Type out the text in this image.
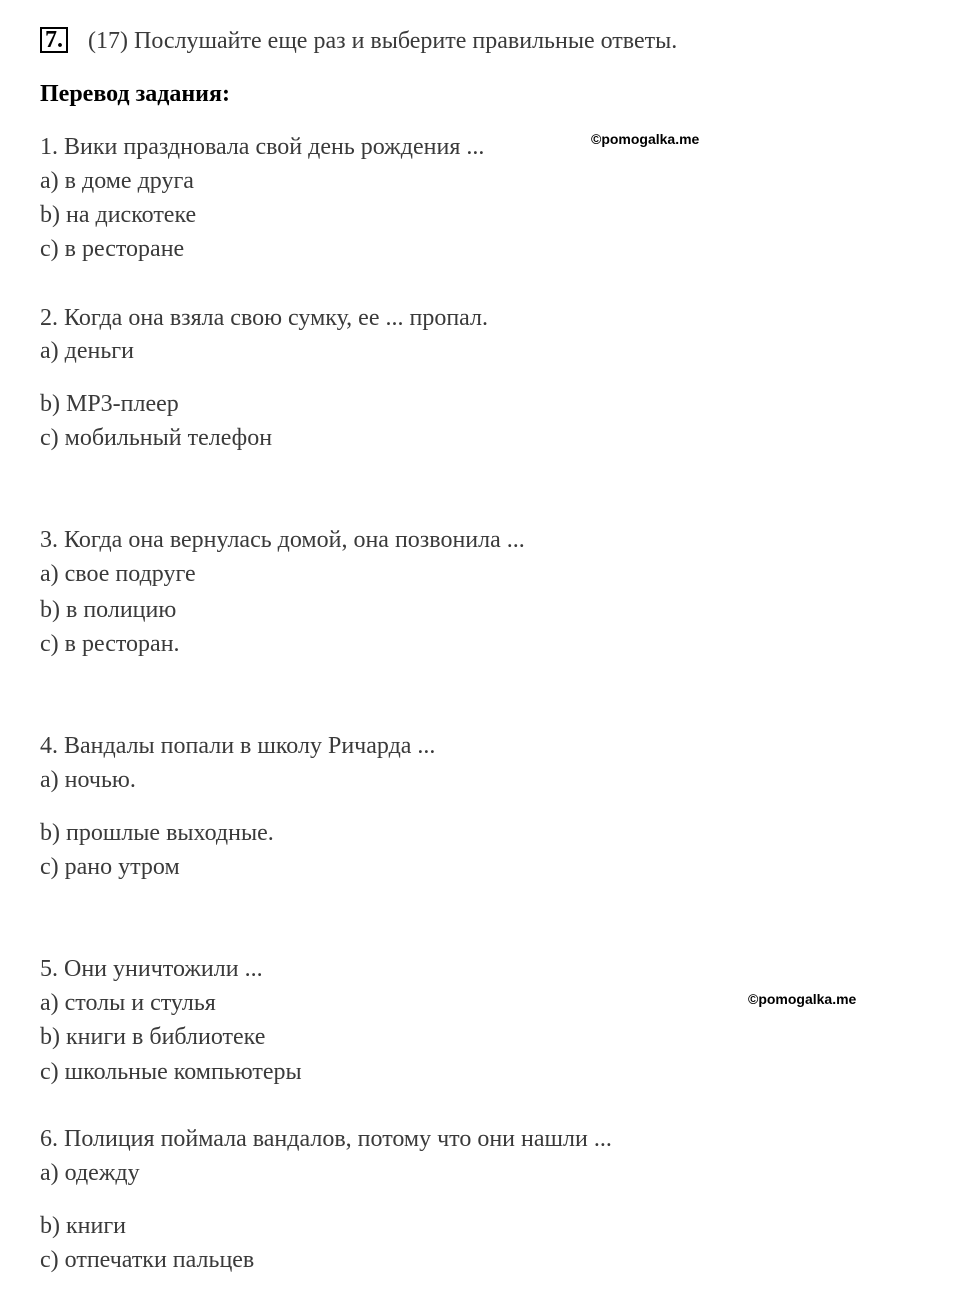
7. (17) Послушайте еще раз и выберите правильные ответы.
Перевод задания:
©pomogalka.me
©pomogalka.me
1. Вики праздновала свой день рождения ...
a) в доме друга
b) на дискотеке
c) в ресторане
2. Когда она взяла свою сумку, ее ... пропал.
a) деньги
b) MP3-плеер
c) мобильный телефон
3. Когда она вернулась домой, она позвонила ...
a) свое подруге
b) в полицию
c) в ресторан.
4. Вандалы попали в школу Ричарда ...
a) ночью.
b) прошлые выходные.
c) рано утром
5. Они уничтожили ...
a) столы и стулья
b) книги в библиотеке
c) школьные компьютеры
6. Полиция поймала вандалов, потому что они нашли ...
a) одежду
b) книги
c) отпечатки пальцев
